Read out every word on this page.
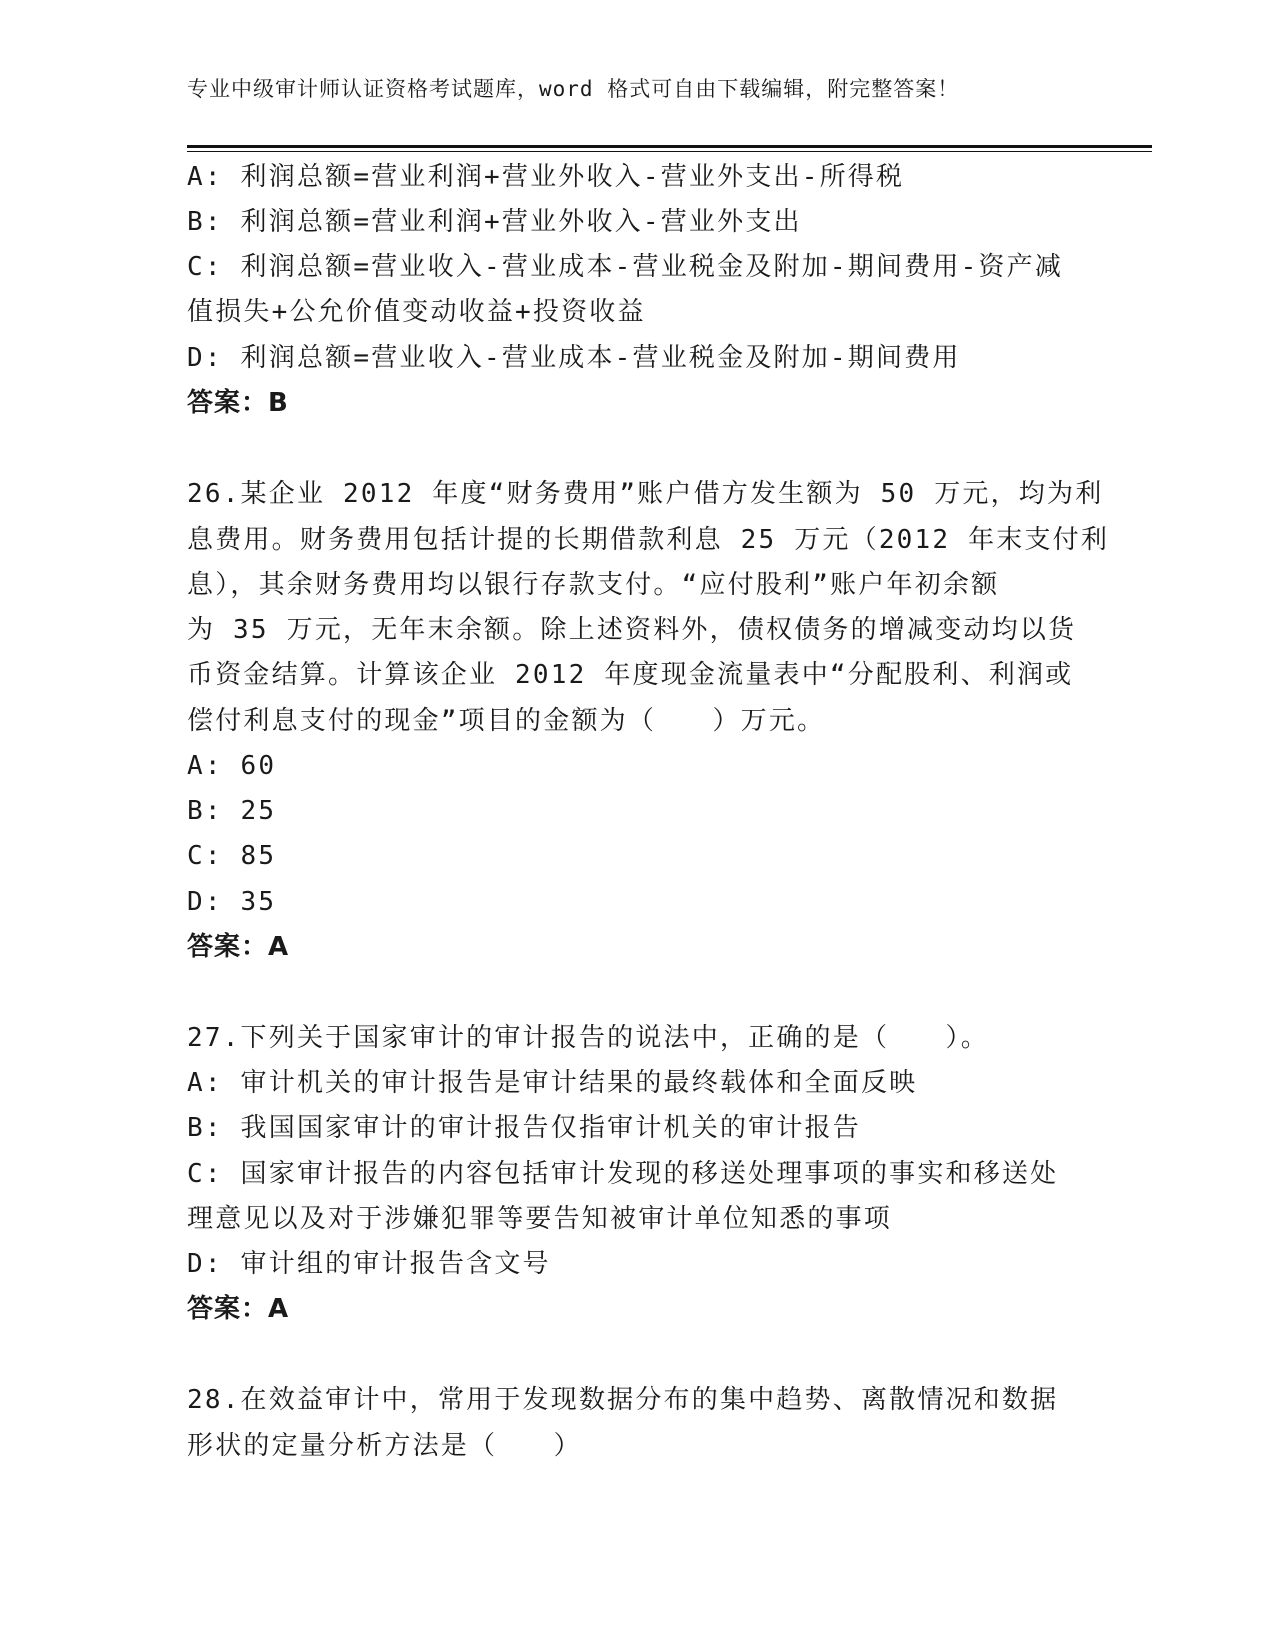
专业中级审计师认证资格考试题库，word 格式可自由下载编辑，附完整答案！
A: 利润总额=营业利润+营业外收入-营业外支出-所得税
B: 利润总额=营业利润+营业外收入-营业外支出
C: 利润总额=营业收入-营业成本-营业税金及附加-期间费用-资产减
值损失+公允价值变动收益+投资收益
D: 利润总额=营业收入-营业成本-营业税金及附加-期间费用
答案：B
26.某企业 2012 年度“财务费用”账户借方发生额为 50 万元，均为利
息费用。财务费用包括计提的长期借款利息 25 万元（2012 年末支付利
息），其余财务费用均以银行存款支付。“应付股利”账户年初余额
为 35 万元，无年末余额。除上述资料外，债权债务的增减变动均以货
币资金结算。计算该企业 2012 年度现金流量表中“分配股利、利润或
偿付利息支付的现金”项目的金额为（　　）万元。
A: 60
B: 25
C: 85
D: 35
答案：A
27.下列关于国家审计的审计报告的说法中，正确的是（　　）。
A: 审计机关的审计报告是审计结果的最终载体和全面反映
B: 我国国家审计的审计报告仅指审计机关的审计报告
C: 国家审计报告的内容包括审计发现的移送处理事项的事实和移送处
理意见以及对于涉嫌犯罪等要告知被审计单位知悉的事项
D: 审计组的审计报告含文号
答案：A
28.在效益审计中，常用于发现数据分布的集中趋势、离散情况和数据
形状的定量分析方法是（　　）
